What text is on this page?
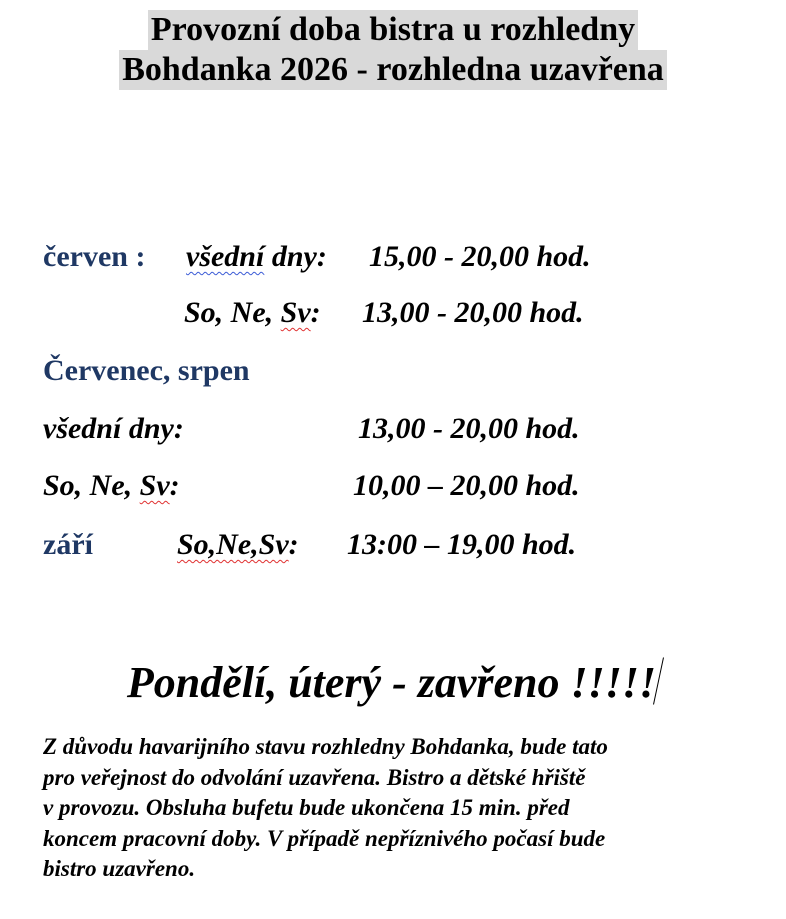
Provozní doba bistra u rozhledny
Bohdanka 2026 - rozhledna uzavřena
červen : všední dny: 15,00 - 20,00 hod.
So, Ne, Sv: 13,00 - 20,00 hod.
Červenec, srpen
všední dny:	13,00 - 20,00 hod.
So, Ne, Sv:	10,00 – 20,00 hod.
září	So,Ne,Sv: 13:00 – 19,00 hod.
Pondělí, úterý - zavřeno !!!!!
Z důvodu havarijního stavu rozhledny Bohdanka, bude tato
pro veřejnost do odvolání uzavřena. Bistro a dětské hřiště
v provozu. Obsluha bufetu bude ukončena 15 min. před
koncem pracovní doby. V případě nepříznivého počasí bude
bistro uzavřeno.
